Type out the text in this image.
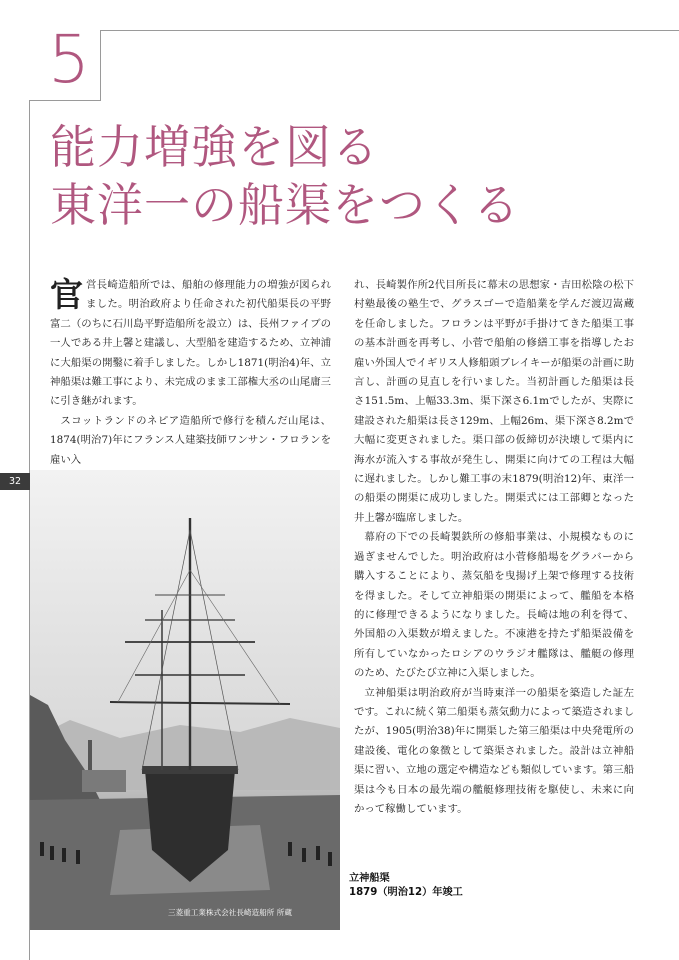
5
能力増強を図る
東洋一の船渠をつくる

官営長崎造船所では、船舶の修理能力の増強が図られました。明治政府より任命された初代船渠長の平野富二（のちに石川島平野造船所を設立）は、長州ファイブの一人である井上馨と建議し、大型船を建造するため、立神浦に大船渠の開鑿に着手しました。しかし1871(明治4)年、立神船渠は難工事により、未完成のまま工部権大丞の山尾庸三に引き継がれます。

スコットランドのネピア造船所で修行を積んだ山尾は、1874(明治7)年にフランス人建築技師ワンサン・フロランを雇い入

れ、長崎製作所2代目所長に幕末の思想家・吉田松陰の松下村塾最後の塾生で、グラスゴーで造船業を学んだ渡辺嵩蔵を任命しました。フロランは平野が手掛けてきた船渠工事の基本計画を再考し、小菅で船舶の修繕工事を指導したお雇い外国人でイギリス人修船頭ブレイキーが船渠の計画に助言し、計画の見直しを行いました。当初計画した船渠は長さ151.5m、上幅33.3m、渠下深さ6.1mでしたが、実際に建設された船渠は長さ129m、上幅26m、渠下深さ8.2mで大幅に変更されました。渠口部の仮締切が決壊して渠内に海水が流入する事故が発生し、開渠に向けての工程は大幅に遅れました。しかし難工事の末1879(明治12)年、東洋一の船渠の開渠に成功しました。開渠式には工部卿となった井上馨が臨席しました。

幕府の下での長崎製鉄所の修船事業は、小規模なものに過ぎませんでした。明治政府は小菅修船場をグラバーから購入することにより、蒸気船を曳揚げ上架で修理する技術を得ました。そして立神船渠の開渠によって、艦船を本格的に修理できるようになりました。長崎は地の利を得て、外国船の入渠数が増えました。不凍港を持たず船渠設備を所有していなかったロシアのウラジオ艦隊は、艦艇の修理のため、たびたび立神に入渠しました。

立神船渠は明治政府が当時東洋一の船渠を築造した証左です。これに続く第二船渠も蒸気動力によって築造されましたが、1905(明治38)年に開渠した第三船渠は中央発電所の建設後、電化の象徴として築渠されました。設計は立神船渠に習い、立地の選定や構造なども類似しています。第三船渠は今も日本の最先端の艦艇修理技術を駆使し、未来に向かって稼働しています。

32
三菱重工業株式会社長崎造船所 所蔵
立神船渠
1879（明治12）年竣工
